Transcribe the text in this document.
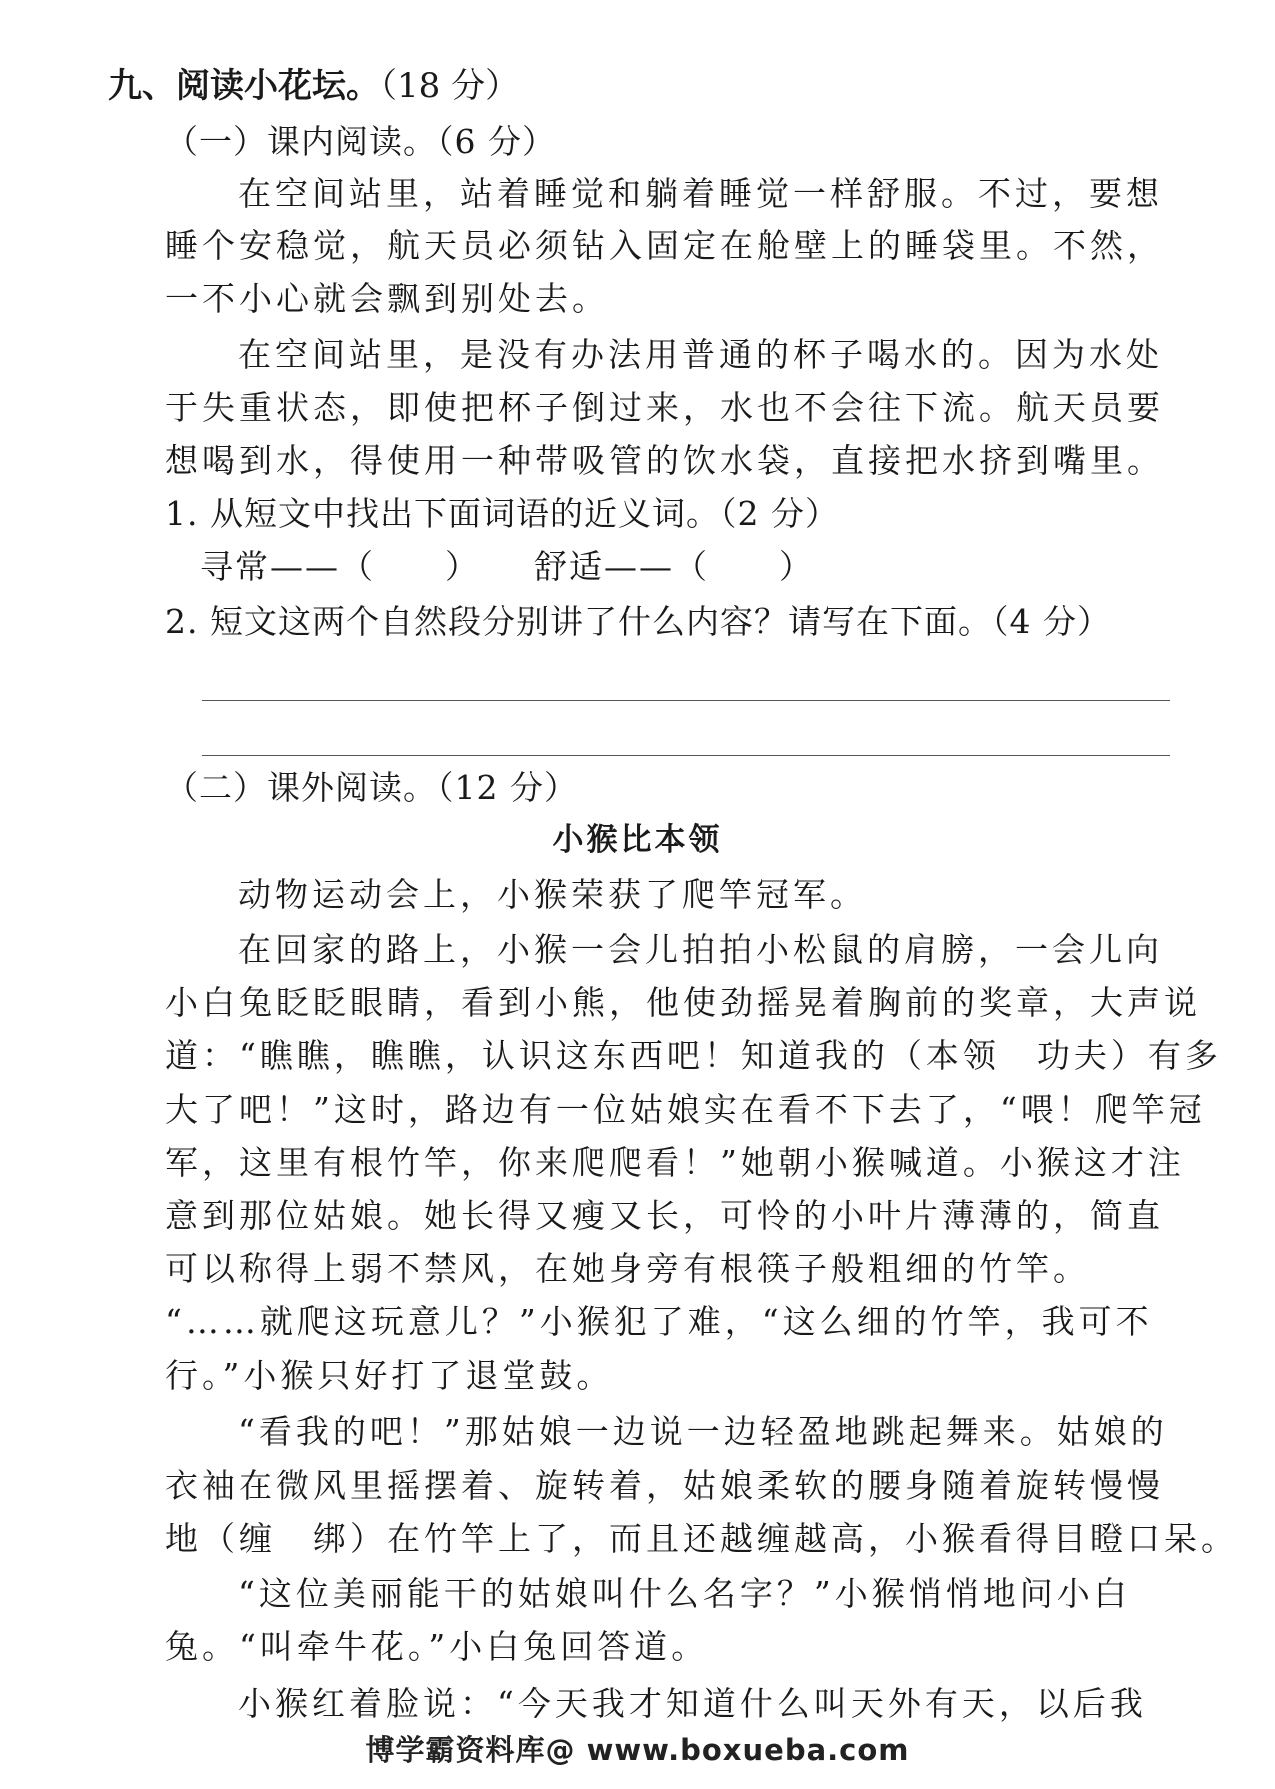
九、阅读小花坛。（18 分）
（一）课内阅读。（6 分）
在空间站里，站着睡觉和躺着睡觉一样舒服。不过，要想
睡个安稳觉，航天员必须钻入固定在舱壁上的睡袋里。不然，
一不小心就会飘到别处去。
在空间站里，是没有办法用普通的杯子喝水的。因为水处
于失重状态，即使把杯子倒过来，水也不会往下流。航天员要
想喝到水，得使用一种带吸管的饮水袋，直接把水挤到嘴里。
1. 从短文中找出下面词语的近义词。（2 分）
寻常——（　　） 舒适——（　　）
2. 短文这两个自然段分别讲了什么内容？请写在下面。（4 分）
（二）课外阅读。（12 分）
小猴比本领
动物运动会上，小猴荣获了爬竿冠军。
在回家的路上，小猴一会儿拍拍小松鼠的肩膀，一会儿向
小白兔眨眨眼睛，看到小熊，他使劲摇晃着胸前的奖章，大声说
道：“瞧瞧，瞧瞧，认识这东西吧！知道我的（本领　功夫）有多
大了吧！”这时，路边有一位姑娘实在看不下去了，“喂！爬竿冠
军，这里有根竹竿，你来爬爬看！”她朝小猴喊道。小猴这才注
意到那位姑娘。她长得又瘦又长，可怜的小叶片薄薄的，简直
可以称得上弱不禁风，在她身旁有根筷子般粗细的竹竿。
“……就爬这玩意儿？”小猴犯了难，“这么细的竹竿，我可不
行。”小猴只好打了退堂鼓。
“看我的吧！”那姑娘一边说一边轻盈地跳起舞来。姑娘的
衣袖在微风里摇摆着、旋转着，姑娘柔软的腰身随着旋转慢慢
地（缠　绑）在竹竿上了，而且还越缠越高，小猴看得目瞪口呆。
“这位美丽能干的姑娘叫什么名字？”小猴悄悄地问小白
兔。“叫牵牛花。”小白兔回答道。
小猴红着脸说：“今天我才知道什么叫天外有天，以后我
博学霸资料库@ www.boxueba.com
